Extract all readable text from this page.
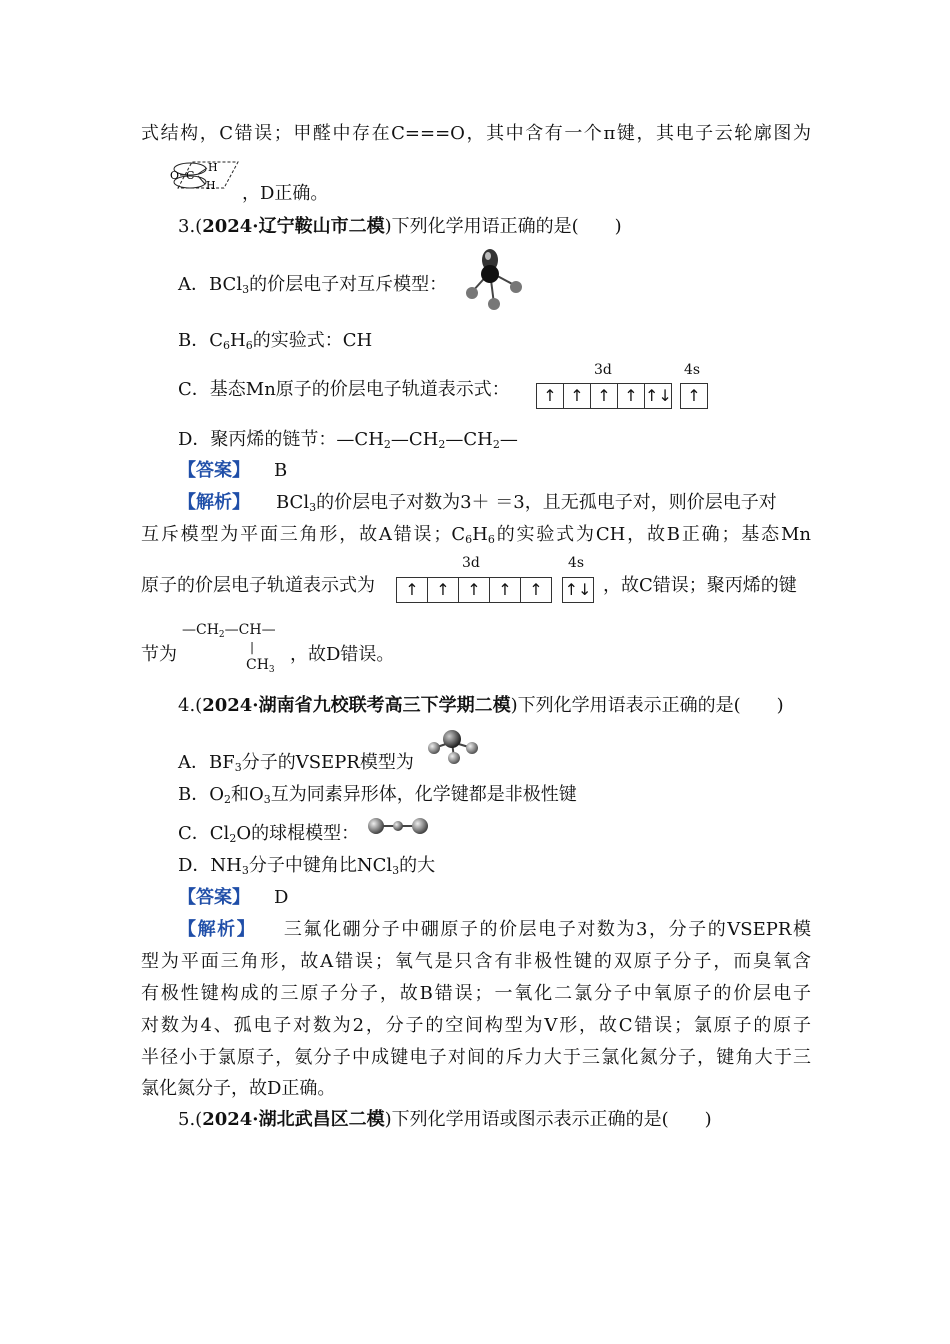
式结构，C错误；甲醛中存在C===O，其中含有一个π键，其电子云轮廓图为
O C
H
H ，D正确。
3.(2024·辽宁鞍山市二模)下列化学用语正确的是(　　)
A．BCl$_3$的价层电子对互斥模型：
B．$C_6H_6$的实验式：CH
C．基态Mn原子的价层电子轨道表示式：
3d	4s
↑ ↑ ↑ ↑ ↑↓ ↑
D．聚丙烯的链节：$—CH_2—CH_2—CH_2—$
【答案】 B
【解析】 BCl$_3$的价层电子对数为3＋ ＝3，且无孤电子对，则价层电子对
互斥模型为平面三角形，故A错误；$C_6H_6$的实验式为CH，故B正确；基态Mn
原子的价层电子轨道表示式为
3d	4s
↑	↑	↑	↑	↑	↑↓ ，故C错误；聚丙烯的键
节为
$—CH_2—CH—$
|
$CH_3$
，故D错误。
4.(2024·湖南省九校联考高三下学期二模)下列化学用语表示正确的是(　　)
A．$BF_3$分子的VSEPR模型为
B．$O_2$和$O_3$互为同素异形体，化学键都是非极性键
C．$Cl_2O$的球棍模型：
D．$NH_3$分子中键角比NCl$_3$的大
【答案】 D
【解析】 三氟化硼分子中硼原子的价层电子对数为3，分子的VSEPR模
型为平面三角形，故A错误；氧气是只含有非极性键的双原子分子，而臭氧含
有极性键构成的三原子分子，故B错误；一氧化二氯分子中氧原子的价层电子
对数为4、孤电子对数为2，分子的空间构型为V形，故C错误；氯原子的原子
半径小于氯原子，氨分子中成键电子对间的斥力大于三氯化氮分子，键角大于三
氯化氮分子，故D正确。
5.(2024·湖北武昌区二模)下列化学用语或图示表示正确的是(　　)
